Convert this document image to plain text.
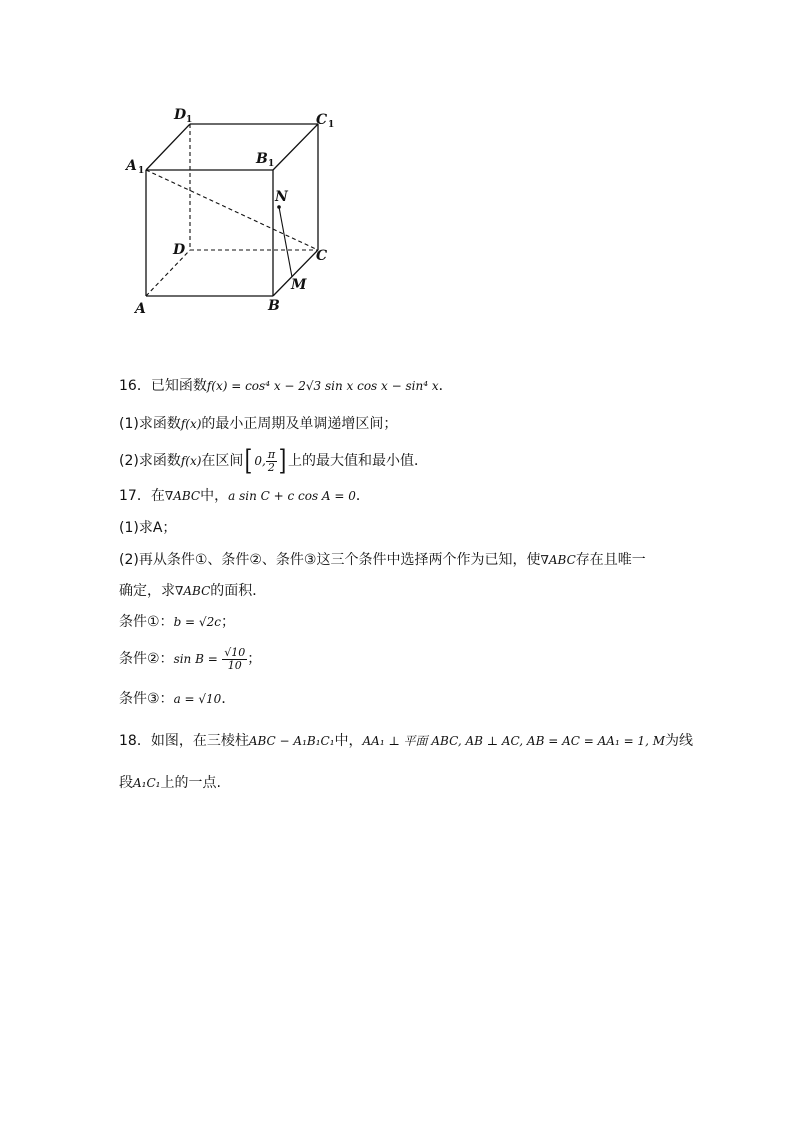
A 1
D 1	C 1
B 1
N
D	C
M
A	B
16．已知函数f(x) = cos⁴ x − 2√3 sin x cos x − sin⁴ x．
(1)求函数f(x)的最小正周期及单调递增区间；
(2)求函数f(x)在区间[ 0, $\frac{\pi}{2}$ ] 上的最大值和最小值．
17．在∇ABC中，a sin C + c cos A = 0．
(1)求A；
(2)再从条件①、条件②、条件③这三个条件中选择两个作为已知，使∇ABC存在且唯一
确定，求∇ABC的面积．
条件①：b = √2c；
条件②：$\sin B = \frac{√10}{10}$ ；
条件③：a = √10．
18．如图，在三棱柱ABC − A₁B₁C₁中，AA₁ ⊥ 平面 ABC, AB ⊥ AC, AB = AC = AA₁ = 1, M为线
段A₁C₁上的一点.
